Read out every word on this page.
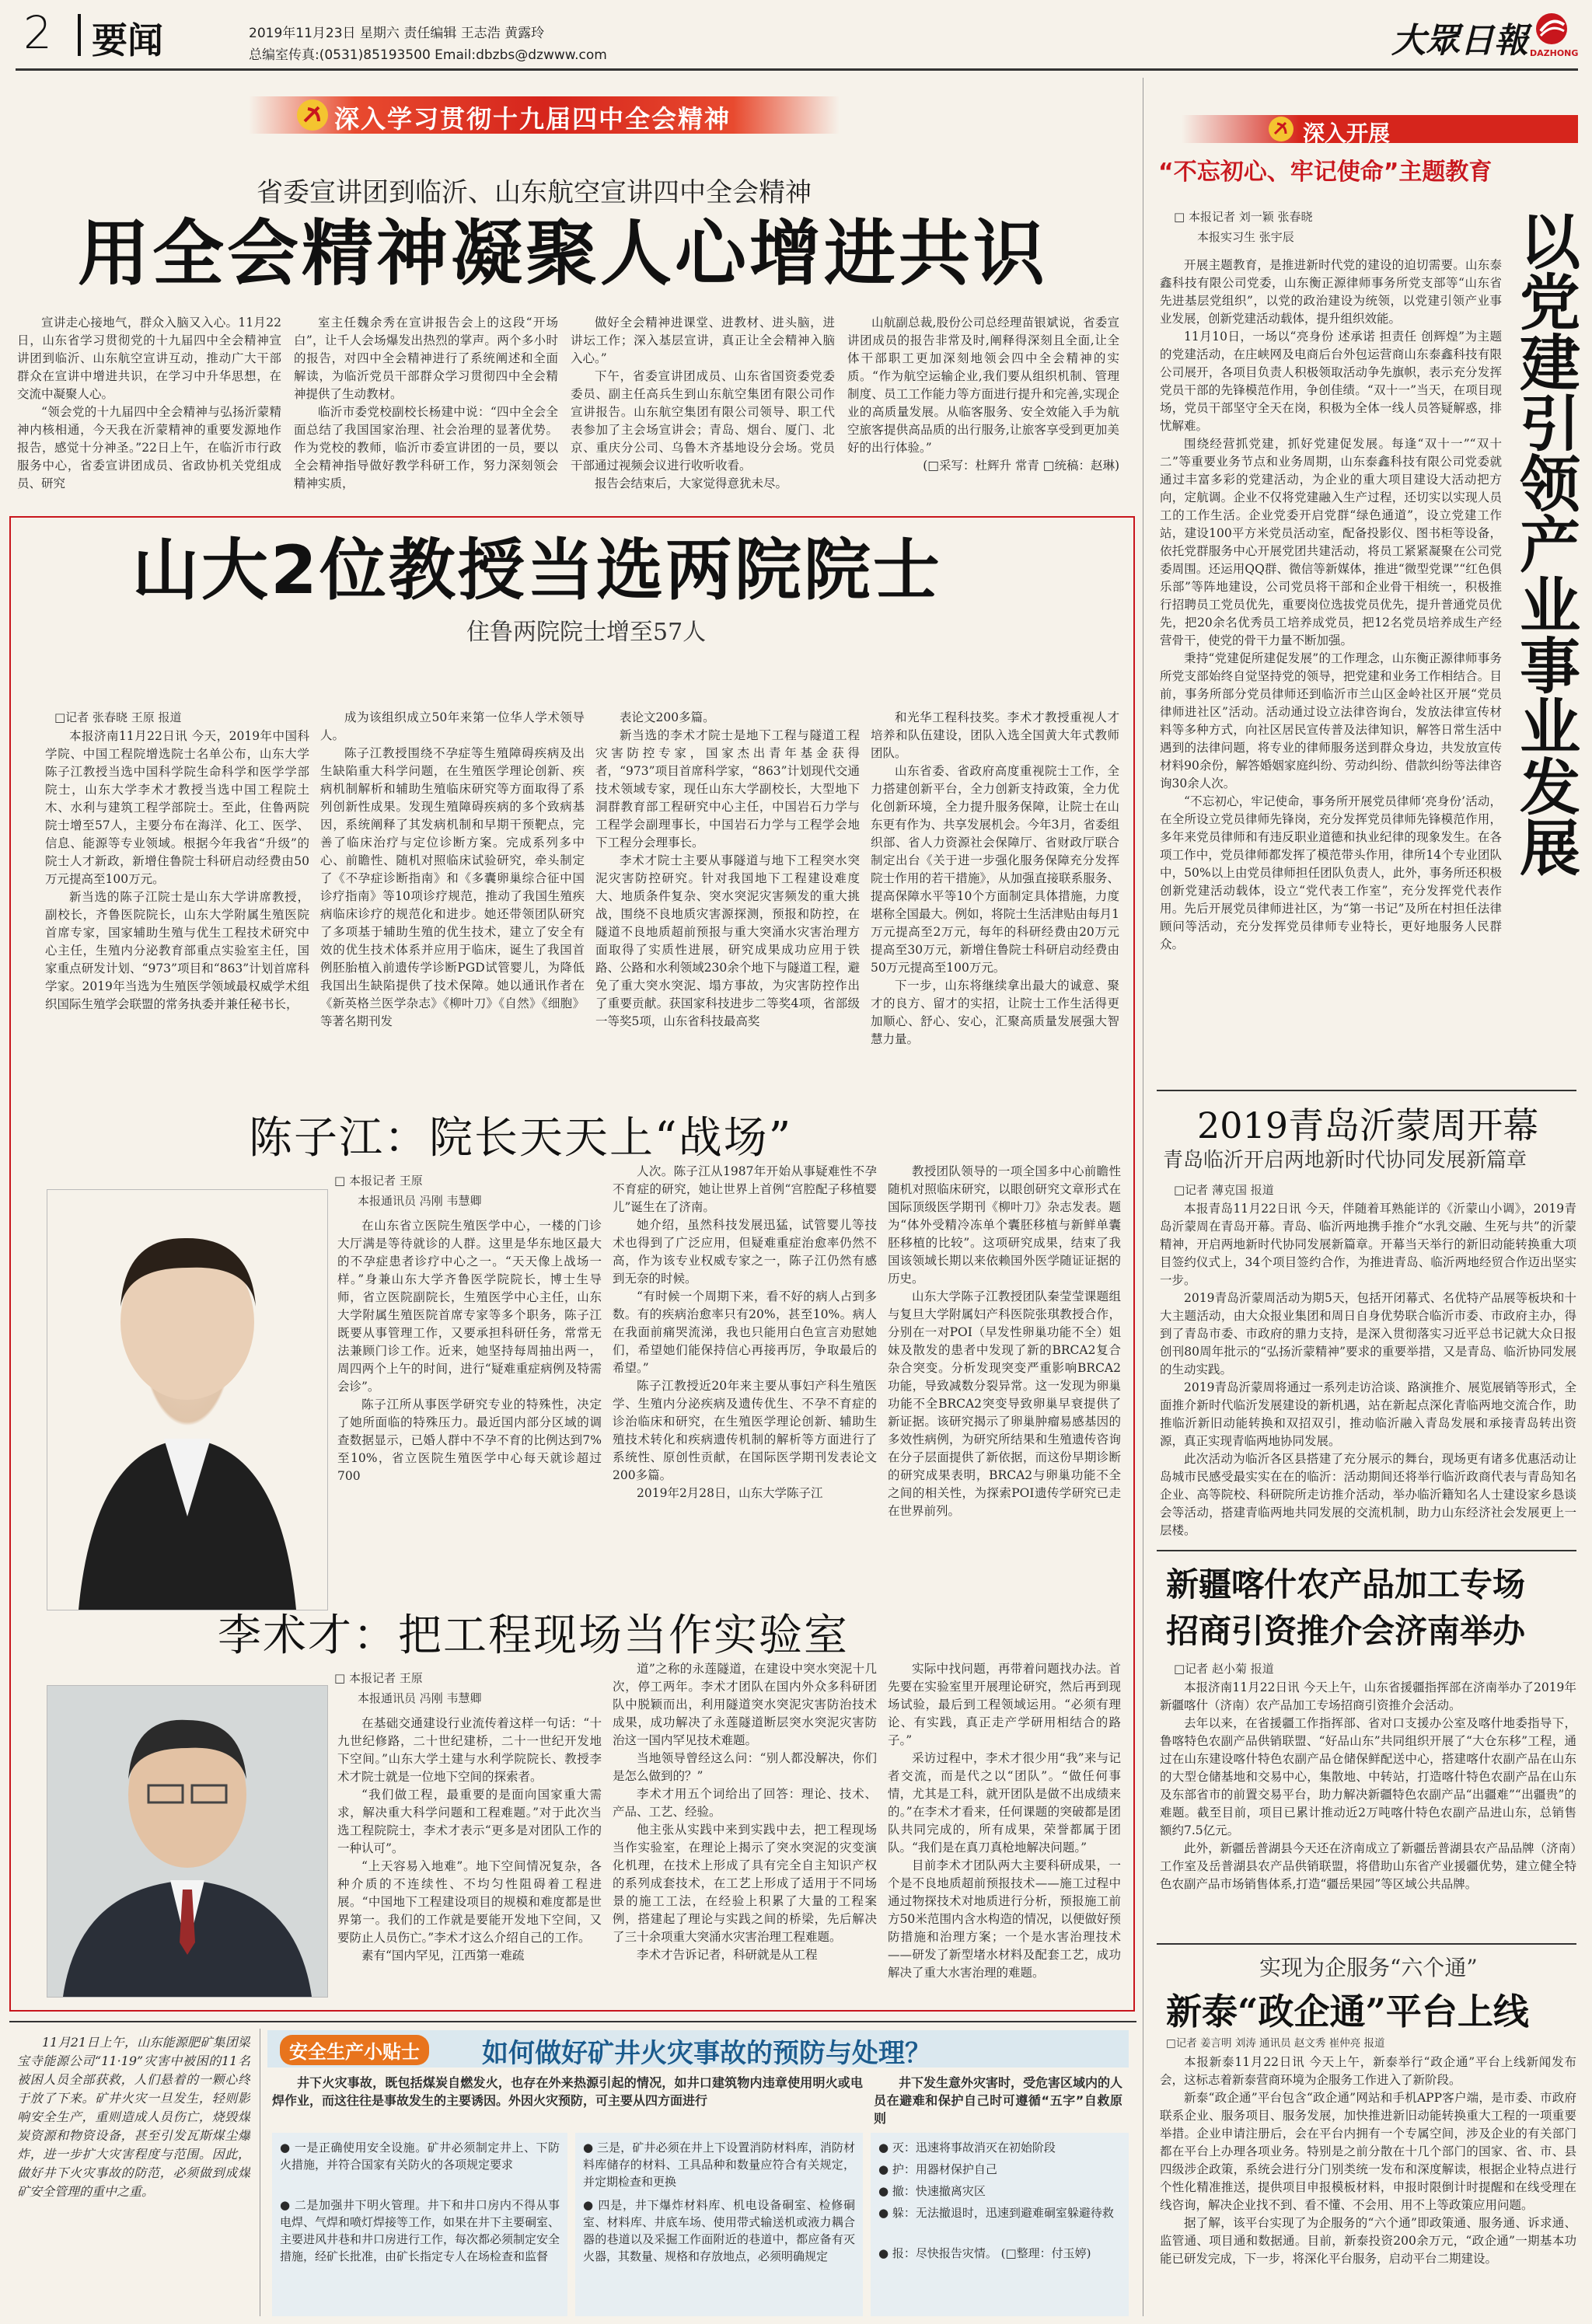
2 要闻	2019年11月23日 星期六 责任编辑 王志浩 黄露玲
总编室传真:(0531)85193500 Email:dbzbs@dzwww.com	大眾日報 DAZHONG
深入学习贯彻十九届四中全会精神	深入开展
“不忘初心、牢记使命”主题教育
省委宣讲团到临沂、山东航空宣讲四中全会精神
用全会精神凝聚人心增进共识

宣讲走心接地气，群众入脑又入心。11月22日，山东省学习贯彻党的十九届四中全会精神宣讲团到临沂、山东航空宣讲互动，推动广大干部群众在宣讲中增进共识，在学习中升华思想，在交流中凝聚人心。

“领会党的十九届四中全会精神与弘扬沂蒙精神内核相通，今天我在沂蒙精神的重要发源地作报告，感觉十分神圣。”22日上午，在临沂市行政服务中心，省委宣讲团成员、省政协机关党组成员、研究

室主任魏余秀在宣讲报告会上的这段“开场白”，让千人会场爆发出热烈的掌声。两个多小时的报告，对四中全会精神进行了系统阐述和全面解读，为临沂党员干部群众学习贯彻四中全会精神提供了生动教材。

临沂市委党校副校长杨建中说：“四中全会全面总结了我国国家治理、社会治理的显著优势。作为党校的教师，临沂市委宣讲团的一员，要以全会精神指导做好教学科研工作，努力深刻领会精神实质，

做好全会精神进课堂、进教材、进头脑，进讲坛工作；深入基层宣讲，真正让全会精神入脑入心。”

下午，省委宣讲团成员、山东省国资委党委委员、副主任高兵生到山东航空集团有限公司作宣讲报告。山东航空集团有限公司领导、职工代表参加了主会场宣讲会；青岛、烟台、厦门、北京、重庆分公司、乌鲁木齐基地设分会场。党员干部通过视频会议进行收听收看。

报告会结束后，大家觉得意犹未尽。

山航副总裁,股份公司总经理苗银斌说，省委宣讲团成员的报告非常及时,阐释得深刻且全面,让全体干部职工更加深刻地领会四中全会精神的实质。“作为航空运输企业,我们要从组织机制、管理制度、员工工作能力等方面进行提升和完善,实现企业的高质量发展。从临客服务、安全效能入手为航空旅客提供高品质的出行服务,让旅客享受到更加美好的出行体验。”

(□采写：杜辉升 常青 □统稿：赵琳)

山大2位教授当选两院院士
住鲁两院院士增至57人
□记者 张春晓 王原 报道

本报济南11月22日讯 今天，2019年中国科学院、中国工程院增选院士名单公布，山东大学陈子江教授当选中国科学院生命科学和医学学部院士，山东大学李术才教授当选中国工程院土木、水利与建筑工程学部院士。至此，住鲁两院院士增至57人，主要分布在海洋、化工、医学、信息、能源等专业领域。根据今年我省“升级”的院士人才新政，新增住鲁院士科研启动经费由50万元提高至100万元。

新当选的陈子江院士是山东大学讲席教授，副校长，齐鲁医院院长，山东大学附属生殖医院首席专家，国家辅助生殖与优生工程技术研究中心主任，生殖内分泌教育部重点实验室主任，国家重点研发计划、“973”项目和“863”计划首席科学家。2019年当选为生殖医学领域最权威学术组织国际生殖学会联盟的常务执委并兼任秘书长，

成为该组织成立50年来第一位华人学术领导人。

陈子江教授围绕不孕症等生殖障碍疾病及出生缺陷重大科学问题，在生殖医学理论创新、疾病机制解析和辅助生殖临床研究等方面取得了系列创新性成果。发现生殖障碍疾病的多个致病基因，系统阐释了其发病机制和早期干预靶点，完善了临床治疗与定位诊断方案。完成系列多中心、前瞻性、随机对照临床试验研究，牵头制定了《不孕症诊断指南》和《多囊卵巢综合征中国诊疗指南》等10项诊疗规范，推动了我国生殖疾病临床诊疗的规范化和进步。她还带领团队研究了多项基于辅助生殖的优生技术，建立了安全有效的优生技术体系并应用于临床，诞生了我国首例胚胎植入前遗传学诊断PGD试管婴儿，为降低我国出生缺陷提供了技术保障。她以通讯作者在《新英格兰医学杂志》《柳叶刀》《自然》《细胞》等著名期刊发

表论文200多篇。

新当选的李术才院士是地下工程与隧道工程灾害防控专家，国家杰出青年基金获得者，“973”项目首席科学家，“863”计划现代交通技术领域专家，现任山东大学副校长，大型地下洞群教育部工程研究中心主任，中国岩石力学与工程学会副理事长，中国岩石力学与工程学会地下工程分会理事长。

李术才院士主要从事隧道与地下工程突水突泥灾害防控研究。针对我国地下工程建设难度大、地质条件复杂、突水突泥灾害频发的重大挑战，围绕不良地质灾害源探测，预报和防控，在隧道不良地质超前预报与重大突涌水灾害治理方面取得了实质性进展，研究成果成功应用于铁路、公路和水利领域230余个地下与隧道工程，避免了重大突水突泥、塌方事故，为灾害防控作出了重要贡献。获国家科技进步二等奖4项，省部级一等奖5项，山东省科技最高奖

和光华工程科技奖。李术才教授重视人才培养和队伍建设，团队入选全国黄大年式教师团队。

山东省委、省政府高度重视院士工作，全力搭建创新平台，全力创新支持政策，全力优化创新环境，全力提升服务保障，让院士在山东更有作为、共享发展机会。今年3月，省委组织部、省人力资源社会保障厅、省财政厅联合制定出台《关于进一步强化服务保障充分发挥院士作用的若干措施》，从加强直接联系服务、提高保障水平等10个方面制定具体措施，力度堪称全国最大。例如，将院士生活津贴由每月1万元提高至2万元，每年的科研经费由20万元提高至30万元，新增住鲁院士科研启动经费由50万元提高至100万元。

下一步，山东将继续拿出最大的诚意、聚才的良方、留才的实招，让院士工作生活得更加顺心、舒心、安心，汇聚高质量发展强大智慧力量。

陈子江：院长天天上“战场”
□ 本报记者 王原
本报通讯员 冯刚 韦慧卿

在山东省立医院生殖医学中心，一楼的门诊大厅满是等待就诊的人群。这里是华东地区最大的不孕症患者诊疗中心之一。“天天像上战场一样。”身兼山东大学齐鲁医学院院长，博士生导师，省立医院副院长，生殖医学中心主任，山东大学附属生殖医院首席专家等多个职务，陈子江既要从事管理工作，又要承担科研任务，常常无法兼顾门诊工作。近来，她坚持每周抽出两一，周四两个上午的时间，进行“疑难重症病例及特需会诊”。

陈子江所从事医学研究专业的特殊性，决定了她所面临的特殊压力。最近国内部分区域的调查数据显示，已婚人群中不孕不育的比例达到7%至10%，省立医院生殖医学中心每天就诊超过700

人次。陈子江从1987年开始从事疑难性不孕不育症的研究，她让世界上首例“宫腔配子移植婴儿”诞生在了济南。

她介绍，虽然科技发展迅猛，试管婴儿等技术也得到了广泛应用，但疑难重症治愈率仍然不高，作为该专业权威专家之一，陈子江仍然有感到无奈的时候。

“有时候一个周期下来，看不好的病人占到多数。有的疾病治愈率只有20%，甚至10%。病人在我面前痛哭流涕，我也只能用白色宣言劝慰她们，希望她们能保持信心再接再厉，争取最后的希望。”

陈子江教授近20年来主要从事妇产科生殖医学、生殖内分泌疾病及遗传优生、不孕不育症的诊治临床和研究，在生殖医学理论创新、辅助生殖技术转化和疾病遗传机制的解析等方面进行了系统性、原创性贡献，在国际医学期刊发表论文200多篇。

2019年2月28日，山东大学陈子江

教授团队领导的一项全国多中心前瞻性随机对照临床研究，以眼创研究文章形式在国际顶级医学期刊《柳叶刀》杂志发表。题为“体外受精冷冻单个囊胚移植与新鲜单囊胚移植的比较”。这项研究成果，结束了我国该领域长期以来依赖国外医学随证证据的历史。

山东大学陈子江教授团队秦莹莹课题组与复旦大学附属妇产科医院张琪教授合作，分别在一对POI（早发性卵巢功能不全）姐妹及散发的患者中发现了新的BRCA2复合杂合突变。分析发现突变严重影响BRCA2功能，导致减数分裂异常。这一发现为卵巢功能不全BRCA2突变导致卵巢早衰提供了新证据。该研究揭示了卵巢肿瘤易感基因的多效性病例，为研究所结果和生殖遗传咨询在分子层面提供了新依据，而这份早期诊断的研究成果表明，BRCA2与卵巢功能不全之间的相关性，为探索POI遗传学研究已走在世界前列。

李术才：把工程现场当作实验室
□ 本报记者 王原
本报通讯员 冯刚 韦慧卿

在基础交通建设行业流传着这样一句话：“十九世纪修路，二十世纪建桥，二十一世纪开发地下空间。”山东大学土建与水利学院院长、教授李术才院士就是一位地下空间的探索者。

“我们做工程，最重要的是面向国家重大需求，解决重大科学问题和工程难题。”对于此次当选工程院院士，李术才表示“更多是对团队工作的一种认可”。

“上天容易入地难”。地下空间情况复杂，各种介质的不连续性、不均匀性阻碍着工程进展。“中国地下工程建设项目的规模和难度都是世界第一。我们的工作就是要能开发地下空间，又要防止人员伤亡。”李术才这么介绍自己的工作。

素有“国内罕见，江西第一难疏

道”之称的永莲隧道，在建设中突水突泥十几次，停工两年。李术才团队在国内外众多科研团队中脱颖而出，利用隧道突水突泥灾害防治技术成果，成功解决了永莲隧道断层突水突泥灾害防治这一国内罕见技术难题。

当地领导曾经这么问：“别人都没解决，你们是怎么做到的？”

李术才用五个词给出了回答：理论、技术、产品、工艺、经验。

他主张从实践中来到实践中去，把工程现场当作实验室，在理论上揭示了突水突泥的灾变演化机理，在技术上形成了具有完全自主知识产权的系列成套技术，在工艺上形成了适用于不同场景的施工工法，在经验上积累了大量的工程案例，搭建起了理论与实践之间的桥梁，先后解决了三十余项重大突涌水灾害治理工程难题。

李术才告诉记者，科研就是从工程

实际中找问题，再带着问题找办法。首先要在实验室里开展理论研究，然后再到现场试验，最后到工程领域运用。“必须有理论、有实践，真正走产学研用相结合的路子。”

采访过程中，李术才很少用“我”来与记者交流，而是代之以“团队”。“做任何事情，尤其是工科，就开团队是做不出成绩来的。”在李术才看来，任何课题的突破都是团队共同完成的，所有成果，荣誉都属于团队。“我们是在真刀真枪地解决问题。”

目前李术才团队两大主要科研成果，一个是不良地质超前预报技术——施工过程中通过物探技术对地质进行分析，预报施工前方50米范围内含水构造的情况，以便做好预防措施和治理方案；一个是水害治理技术——研发了新型堵水材料及配套工艺，成功解决了重大水害治理的难题。

□ 本报记者 刘一颖 张春晓
本报实习生 张宇辰	以党建引领产业事业发展

开展主题教育，是推进新时代党的建设的迫切需要。山东泰鑫科技有限公司党委，山东衡正源律师事务所党支部等“山东省先进基层党组织”，以党的政治建设为统领，以党建引领产业事业发展，创新党建活动载体，提升组织效能。

11月10日，一场以“亮身份 述承诺 担责任 创辉煌”为主题的党建活动，在庄峡网及电商后台外包运营商山东泰鑫科技有限公司展开，各项目负责人积极领取活动争先旗帜，表示充分发挥党员干部的先锋模范作用，争创佳绩。“双十一”当天，在项目现场，党员干部坚守全天在岗，积极为全体一线人员答疑解惑，排忧解难。

围绕经营抓党建，抓好党建促发展。每逢“双十一”“双十二”等重要业务节点和业务周期，山东泰鑫科技有限公司党委就通过丰富多彩的党建活动，为企业的重大项目建设大活动把方向，定航调。企业不仅将党建融入生产过程，还切实以实现人员工的工作生活。企业党委开启党群“绿色通道”，设立党建工作站，建设100平方米党员活动室，配备投影仪、图书柜等设备，依托党群服务中心开展党团共建活动，将员工紧紧凝聚在公司党委周围。还运用QQ群、微信等新媒体，推进“微型党课”“红色俱乐部”等阵地建设，公司党员将干部和企业骨干相统一，积极推行招聘员工党员优先，重要岗位选拔党员优先，提升普通党员优先，把20余名优秀员工培养成党员，把12名党员培养成生产经营骨干，使党的骨干力量不断加强。

秉持“党建促所建促发展”的工作理念，山东衡正源律师事务所党支部始终自觉坚持党的领导，把党建和业务工作相结合。目前，事务所部分党员律师还到临沂市兰山区金岭社区开展“党员律师进社区”活动。活动通过设立法律咨询台，发放法律宣传材料等多种方式，向社区居民宣传普及法律知识，解答日常生活中遇到的法律问题，将专业的律师服务送到群众身边，共发放宣传材料90余份，解答婚姻家庭纠纷、劳动纠纷、借款纠纷等法律咨询30余人次。

“不忘初心，牢记使命，事务所开展党员律师‘亮身份’活动，在全所设立党员律师先锋岗，充分发挥党员律师先锋模范作用，多年来党员律师和有违反职业道德和执业纪律的现象发生。在各项工作中，党员律师都发挥了模范带头作用，律所14个专业团队中，50%以上由党员律师担任团队负责人，此外，事务所还积极创新党建活动载体，设立“党代表工作室”，充分发挥党代表作用。先后开展党员律师进社区，为“第一书记”及所在村担任法律顾问等活动，充分发挥党员律师专业特长，更好地服务人民群众。

2019青岛沂蒙周开幕
青岛临沂开启两地新时代协同发展新篇章
□记者 薄克国 报道

本报青岛11月22日讯 今天，伴随着耳熟能详的《沂蒙山小调》，2019青岛沂蒙周在青岛开幕。青岛、临沂两地携手推介“水乳交融、生死与共”的沂蒙精神，开启两地新时代协同发展新篇章。开幕当天举行的新旧动能转换重大项目签约仪式上，34个项目签约合作，为推进青岛、临沂两地经贸合作迈出坚实一步。

2019青岛沂蒙周活动为期5天，包括开闭幕式、名优特产品展等板块和十大主题活动，由大众报业集团和周日自身优势联合临沂市委、市政府主办，得到了青岛市委、市政府的鼎力支持，是深入贯彻落实习近平总书记就大众日报创刊80周年批示的“弘扬沂蒙精神”要求的重要举措，又是青岛、临沂协同发展的生动实践。

2019青岛沂蒙周将通过一系列走访洽谈、路演推介、展览展销等形式，全面推介新时代临沂发展建设的新机遇，站在新起点深化青临两地交流合作，助推临沂新旧动能转换和双招双引，推动临沂融入青岛发展和承接青岛转出资源，真正实现青临两地协同发展。

此次活动为临沂各区县搭建了充分展示的舞台，现场更有诸多优惠活动让岛城市民感受最实实在在的临沂：活动期间还将举行临沂政商代表与青岛知名企业、高等院校、科研院所走访推介活动，举办临沂籍知名人士建设家乡恳谈会等活动，搭建青临两地共同发展的交流机制，助力山东经济社会发展更上一层楼。

新疆喀什农产品加工专场
招商引资推介会济南举办
□记者 赵小菊 报道

本报济南11月22日讯 今天上午，山东省援疆指挥部在济南举办了2019年新疆喀什（济南）农产品加工专场招商引资推介会活动。

去年以来，在省援疆工作指挥部、省对口支援办公室及喀什地委指导下，鲁喀特色农副产品供销联盟、“好品山东”共同组织开展了“大仓东移”工程，通过在山东建设喀什特色农副产品仓储保鲜配送中心，搭建喀什农副产品在山东的大型仓储基地和交易中心，集散地、中转站，打造喀什特色农副产品在山东及东部省市的前置交易平台，助力解决新疆特色农副产品“出疆难”“出疆贵”的难题。截至目前，项目已累计推动近2万吨喀什特色农副产品进山东，总销售额约7.5亿元。

此外，新疆岳普湖县今天还在济南成立了新疆岳普湖县农产品品牌（济南）工作室及岳普湖县农产品供销联盟，将借助山东省产业援疆优势，建立健全特色农副产品市场销售体系,打造“疆岳果园”等区域公共品牌。

实现为企服务“六个通”
新泰“政企通”平台上线
□记者 姜言明 刘涛 通讯员 赵文秀 崔仲亮 报道

本报新泰11月22日讯 今天上午，新泰举行“政企通”平台上线新闻发布会，这标志着新泰营商环境为企服务工作进入了新阶段。

新泰“政企通”平台包含“政企通”网站和手机APP客户端，是市委、市政府联系企业、服务项目、服务发展，加快推进新旧动能转换重大工程的一项重要举措。企业申请注册后，会在平台内拥有一个专属空间，涉及企业的有关部门都在平台上办理各项业务。特别是之前分散在十几个部门的国家、省、市、县四级涉企政策，系统会进行分门别类统一发布和深度解读，根据企业特点进行个性化精准推送，提供项目申报模板材料，申报时限倒计时提醒和在线受理在线咨询，解决企业找不到、看不懂、不会用、用不上等政策应用问题。

据了解，该平台实现了为企服务的“六个通”即政策通、服务通、诉求通、监管通、项目通和数据通。目前，新泰投资200余万元，“政企通”一期基本功能已研发完成，下一步，将深化平台服务，启动平台二期建设。

11月21日上午，山东能源肥矿集团梁宝寺能源公司“11·19”灾害中被困的11名被困人员全部获救，人们悬着的一颗心终于放了下来。矿井火灾一旦发生，轻则影响安全生产，重则造成人员伤亡，烧毁煤炭资源和物资设备，甚至引发瓦斯煤尘爆炸，进一步扩大灾害程度与范围。因此，做好井下火灾事故的防范，必须做到成煤矿安全管理的重中之重。

安全生产小贴士	如何做好矿井火灾事故的预防与处理？
井下火灾事故，既包括煤炭自燃发火，也存在外来热源引起的情况，如井口建筑物内违章使用明火或电焊作业，而这往往是事故发生的主要诱因。外因火灾预防，可主要从四方面进行
● 一是正确使用安全设施。矿井必须制定井上、下防火措施，并符合国家有关防火的各项规定要求
● 二是加强井下明火管理。井下和井口房内不得从事电焊、气焊和喷灯焊接等工作，如果在井下主要硐室、主要进风井巷和井口房进行工作，每次都必须制定安全措施，经矿长批准，由矿长指定专人在场检查和监督
● 三是，矿井必须在井上下设置消防材料库，消防材料库储存的材料、工具品种和数量应符合有关规定，并定期检查和更换
● 四是，井下爆炸材料库、机电设备硐室、检修硐室、材料库、井底车场、使用带式输送机或液力耦合器的巷道以及采掘工作面附近的巷道中，都应备有灭火器，其数量、规格和存放地点，必须明确规定
井下发生意外灾害时，受危害区域内的人员在避难和保护自己时可遵循“五字”自救原则
● 灭：迅速将事故消灭在初始阶段
● 护：用器材保护自己
● 撤：快速撤离灾区
● 躲：无法撤退时，迅速到避难硐室躲避待救
● 报：尽快报告灾情。 (□整理：付玉婷)
